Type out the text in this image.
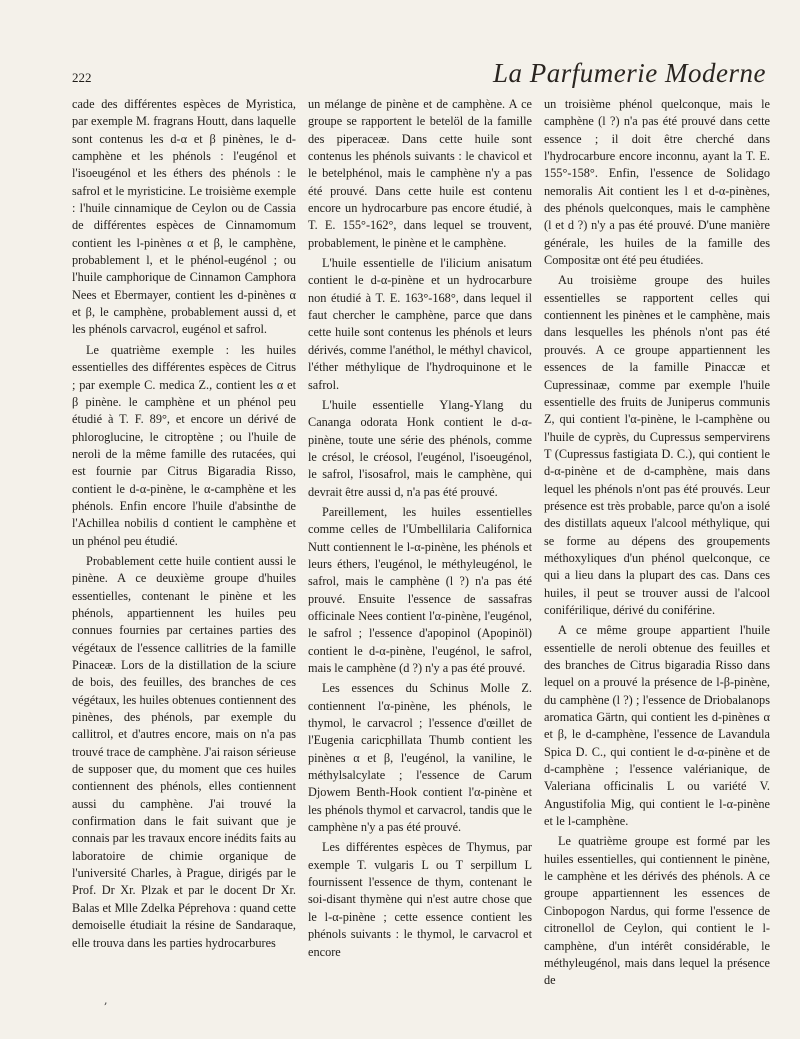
222	La Parfumerie Moderne

cade des différentes espèces de Myristica, par exemple M. fragrans Houtt, dans laquelle sont contenus les d-α et β pinènes, le d-camphène et les phénols : l'eugénol et l'isoeugénol et les éthers des phénols : le safrol et le myristicine. Le troisième exemple : l'huile cinnamique de Ceylon ou de Cassia de différentes espèces de Cinnamomum contient les l-pinènes α et β, le camphène, probablement l, et le phénol-eugénol ; ou l'huile camphorique de Cinnamon Camphora Nees et Ebermayer, contient les d-pinènes α et β, le camphène, probablement aussi d, et les phénols carvacrol, eugénol et safrol.

Le quatrième exemple : les huiles essentielles des différentes espèces de Citrus ; par exemple C. medica Z., contient les α et β pinène. le camphène et un phénol peu étudié à T. F. 89°, et encore un dérivé de phloroglucine, le citroptène ; ou l'huile de neroli de la même famille des rutacées, qui est fournie par Citrus Bigaradia Risso, contient le d-α-pinène, le α-camphène et les phénols. Enfin encore l'huile d'absinthe de l'Achillea nobilis d contient le camphène et un phénol peu étudié.

Probablement cette huile contient aussi le pinène. A ce deuxième groupe d'huiles essentielles, contenant le pinène et les phénols, appartiennent les huiles peu connues fournies par certaines parties des végétaux de l'essence callitries de la famille Pinaceæ. Lors de la distillation de la sciure de bois, des feuilles, des branches de ces végétaux, les huiles obtenues contiennent des pinènes, des phénols, par exemple du callitrol, et d'autres encore, mais on n'a pas trouvé trace de camphène. J'ai raison sérieuse de supposer que, du moment que ces huiles contiennent des phénols, elles contiennent aussi du camphène. J'ai trouvé la confirmation dans le fait suivant que je connais par les travaux encore inédits faits au laboratoire de chimie organique de l'université Charles, à Prague, dirigés par le Prof. Dr Xr. Plzak et par le docent Dr Xr. Balas et Mlle Zdelka Péprehova : quand cette demoiselle étudiait la résine de Sandaraque, elle trouva dans les parties hydrocarbures

un mélange de pinène et de camphène. A ce groupe se rapportent le betelöl de la famille des piperaceæ. Dans cette huile sont contenus les phénols suivants : le chavicol et le betelphénol, mais le camphène n'y a pas été prouvé. Dans cette huile est contenu encore un hydrocarbure pas encore étudié, à T. E. 155°-162°, dans lequel se trouvent, probablement, le pinène et le camphène.

L'huile essentielle de l'ilicium anisatum contient le d-α-pinène et un hydrocarbure non étudié à T. E. 163°-168°, dans lequel il faut chercher le camphène, parce que dans cette huile sont contenus les phénols et leurs dérivés, comme l'anéthol, le méthyl chavicol, l'éther méthylique de l'hydroquinone et le safrol.

L'huile essentielle Ylang-Ylang du Cananga odorata Honk contient le d-α-pinène, toute une série des phénols, comme le crésol, le créosol, l'eugénol, l'isoeugénol, le safrol, l'isosafrol, mais le camphène, qui devrait être aussi d, n'a pas été prouvé.

Pareillement, les huiles essentielles comme celles de l'Umbellilaria Californica Nutt contiennent le l-α-pinène, les phénols et leurs éthers, l'eugénol, le méthyleugénol, le safrol, mais le camphène (l ?) n'a pas été prouvé. Ensuite l'essence de sassafras officinale Nees contient l'α-pinène, l'eugénol, le safrol ; l'essence d'apopinol (Apopinöl) contient le d-α-pinène, l'eugénol, le safrol, mais le camphène (d ?) n'y a pas été prouvé.

Les essences du Schinus Molle Z. contiennent l'α-pinène, les phénols, le thymol, le carvacrol ; l'essence d'œillet de l'Eugenia caricphillata Thumb contient les pinènes α et β, l'eugénol, la vaniline, le méthylsalcylate ; l'essence de Carum Djowem Benth-Hook contient l'α-pinène et les phénols thymol et carvacrol, tandis que le camphène n'y a pas été prouvé.

Les différentes espèces de Thymus, par exemple T. vulgaris L ou T serpillum L fournissent l'essence de thym, contenant le soi-disant thymène qui n'est autre chose que le l-α-pinène ; cette essence contient les phénols suivants : le thymol, le carvacrol et encore

un troisième phénol quelconque, mais le camphène (l ?) n'a pas été prouvé dans cette essence ; il doit être cherché dans l'hydrocarbure encore inconnu, ayant la T. E. 155°-158°. Enfin, l'essence de Solidago nemoralis Ait contient les l et d-α-pinènes, des phénols quelconques, mais le camphène (l et d ?) n'y a pas été prouvé. D'une manière générale, les huiles de la famille des Compositæ ont été peu étudiées.

Au troisième groupe des huiles essentielles se rapportent celles qui contiennent les pinènes et le camphène, mais dans lesquelles les phénols n'ont pas été prouvés. A ce groupe appartiennent les essences de la famille Pinaccæ et Cupressinaæ, comme par exemple l'huile essentielle des fruits de Juniperus communis Z, qui contient l'α-pinène, le l-camphène ou l'huile de cyprès, du Cupressus sempervirens T (Cupressus fastigiata D. C.), qui contient le d-α-pinène et de d-camphène, mais dans lequel les phénols n'ont pas été prouvés. Leur présence est très probable, parce qu'on a isolé des distillats aqueux l'alcool méthylique, qui se forme au dépens des groupements méthoxyliques d'un phénol quelconque, ce qui a lieu dans la plupart des cas. Dans ces huiles, il peut se trouver aussi de l'alcool coniférilique, dérivé du coniférine.

A ce même groupe appartient l'huile essentielle de neroli obtenue des feuilles et des branches de Citrus bigaradia Risso dans lequel on a prouvé la présence de l-β-pinène, du camphène (l ?) ; l'essence de Driobalanops aromatica Gärtn, qui contient les d-pinènes α et β, le d-camphène, l'essence de Lavandula Spica D. C., qui contient le d-α-pinène et de d-camphène ; l'essence valérianique, de Valeriana officinalis L ou variété V. Angustifolia Mig, qui contient le l-α-pinène et le l-camphène.

Le quatrième groupe est formé par les huiles essentielles, qui contiennent le pinène, le camphène et les dérivés des phénols. A ce groupe appartiennent les essences de Cinbopogon Nardus, qui forme l'essence de citronellol de Ceylon, qui contient le l-camphène, d'un intérêt considérable, le méthyleugénol, mais dans lequel la présence de

,
